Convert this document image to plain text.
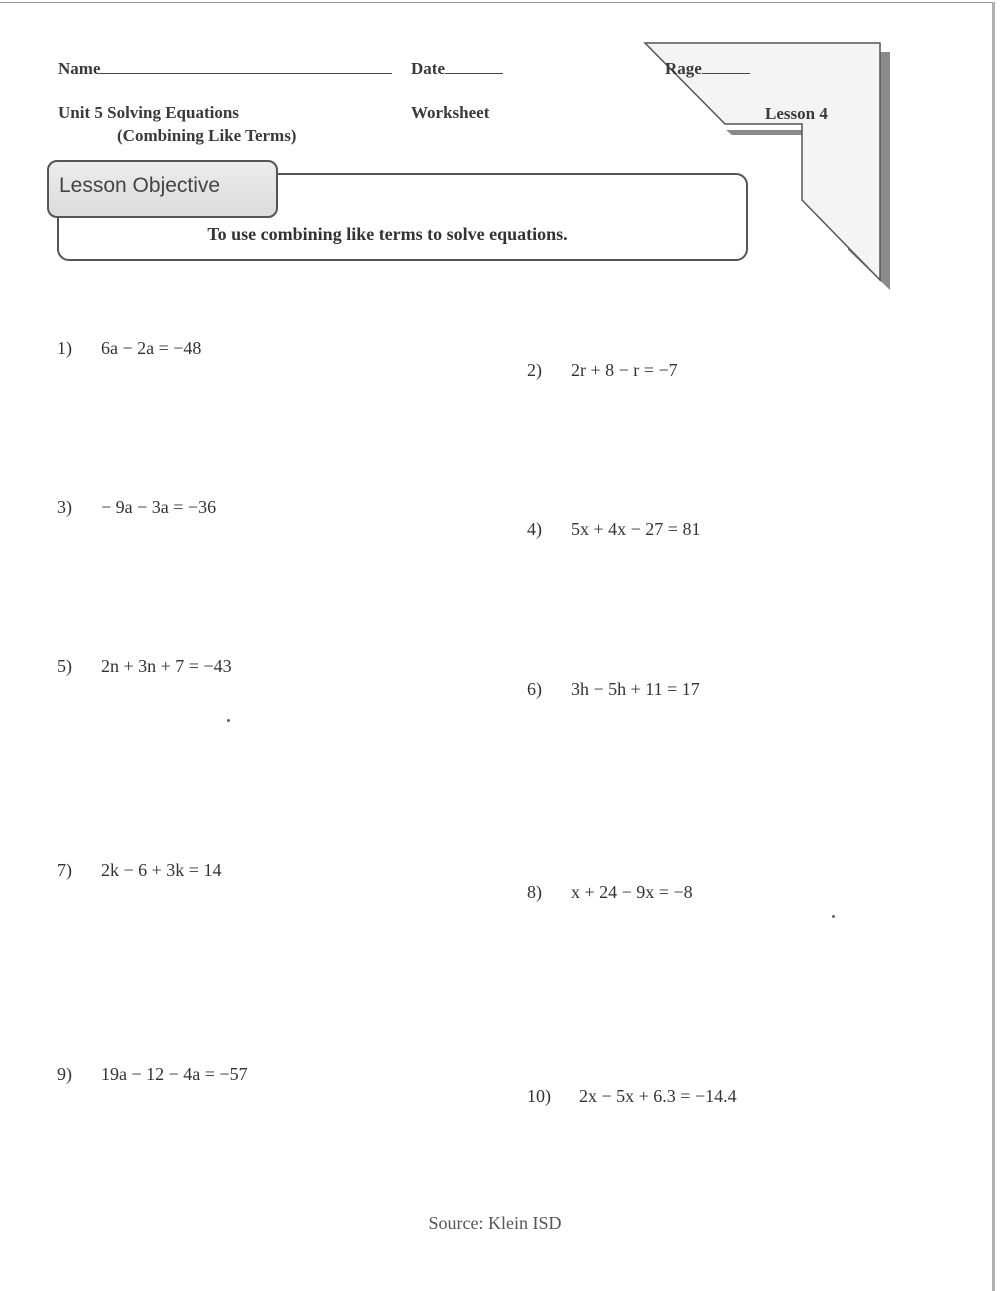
Name	Date	Rage
Unit 5 Solving Equations
(Combining Like Terms)
Worksheet	Lesson 4
Lesson Objective
To use combining like terms to solve equations.
1) 6a − 2a = −48
2) 2r + 8 − r = −7
3) − 9a − 3a = −36
4) 5x + 4x − 27 = 81
5) 2n + 3n + 7 = −43
6) 3h − 5h + 11 = 17
7) 2k − 6 + 3k = 14
8) x + 24 − 9x = −8
9) 19a − 12 − 4a = −57
10) 2x − 5x + 6.3 = −14.4
Source: Klein ISD
